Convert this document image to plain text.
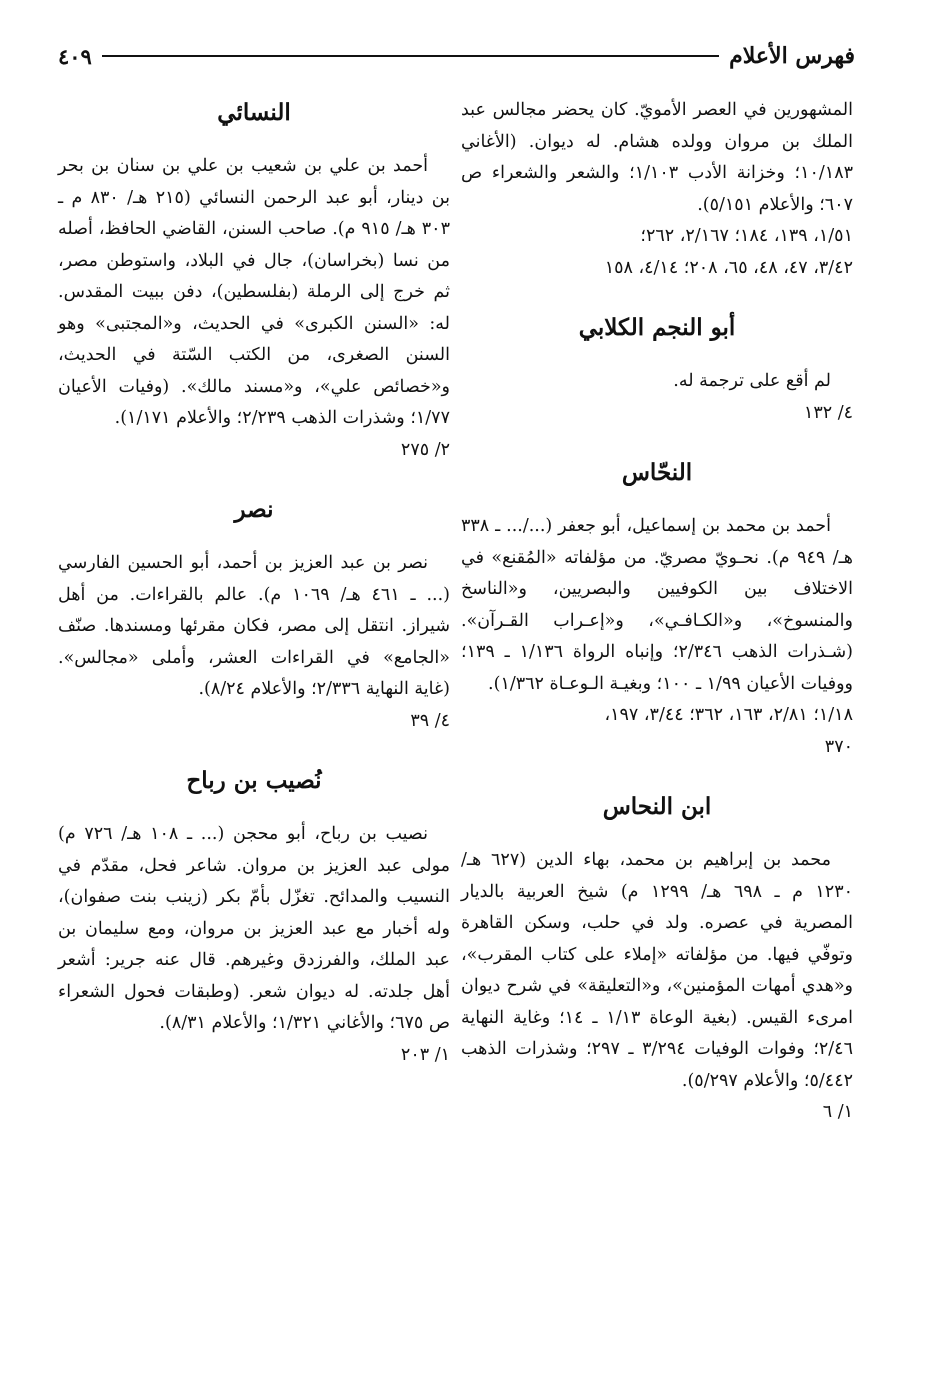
فهرس الأعلام
٤٠٩

المشهورين في العصر الأمويّ. كان يحضر مجالس عبد الملك بن مروان وولده هشام. له ديوان. (الأغاني ١٠/١٨٣؛ وخزانة الأدب ١/١٠٣؛ والشعر والشعراء ص ٦٠٧؛ والأعلام ٥/١٥١).

١/٥١، ١٣٩، ١٨٤؛ ٢/١٦٧، ٢٦٢؛

٣/٤٢، ٤٧، ٤٨، ٦٥، ٢٠٨؛ ٤/١٤، ١٥٨

أبو النجم الكلابي

لم أقع على ترجمة له.

٤/ ١٣٢

النحّاس

أحمد بن محمد بن إسماعيل، أبو جعفر (.../... ـ ٣٣٨ هـ/ ٩٤٩ م). نحـويّ مصريّ. من مؤلفاته «المُقنع» في الاختلاف بين الكوفيين والبصريين، و«الناسخ والمنسوخ»، و«الكـافـي»، و«إعـراب القـرآن». (شـذرات الذهب ٢/٣٤٦؛ وإنباه الرواة ١/١٣٦ ـ ١٣٩؛ ووفيات الأعيان ١/٩٩ ـ ١٠٠؛ وبغيـة الـوعـاة ١/٣٦٢).

١/١٨؛ ٢/٨١، ١٦٣، ٣٦٢؛ ٣/٤٤، ١٩٧،

٣٧٠

ابن النحاس

محمد بن إبراهيم بن محمد، بهاء الدين (٦٢٧ هـ/ ١٢٣٠ م ـ ٦٩٨ هـ/ ١٢٩٩ م) شيخ العربية بالديار المصرية في عصره. ولد في حلب، وسكن القاهرة وتوفّي فيها. من مؤلفاته «إملاء على كتاب المقرب»، و«هدي أمهات المؤمنين»، و«التعليقة» في شرح ديوان امرىء القيس. (بغية الوعاة ١/١٣ ـ ١٤؛ وغاية النهاية ٢/٤٦؛ وفوات الوفيات ٣/٢٩٤ ـ ٢٩٧؛ وشذرات الذهب ٥/٤٤٢؛ والأعلام ٥/٢٩٧).

١/ ٦

النسائي

أحمد بن علي بن شعيب بن علي بن سنان بن بحر بن دينار، أبو عبد الرحمن النسائي (٢١٥ هـ/ ٨٣٠ م ـ ٣٠٣ هـ/ ٩١٥ م). صاحب السنن، القاضي الحافظ، أصله من نسا (بخراسان)، جال في البلاد، واستوطن مصر، ثم خرج إلى الرملة (بفلسطين)، دفن ببيت المقدس. له: «السنن الكبرى» في الحديث، و«المجتبى» وهو السنن الصغرى، من الكتب السّتة في الحديث، و«خصائص علي»، و«مسند مالك». (وفيات الأعيان ١/٧٧؛ وشذرات الذهب ٢/٢٣٩؛ والأعلام ١/١٧١).

٢/ ٢٧٥

نصر

نصر بن عبد العزيز بن أحمد، أبو الحسين الفارسي (... ـ ٤٦١ هـ/ ١٠٦٩ م). عالم بالقراءات. من أهل شيراز. انتقل إلى مصر، فكان مقرئها ومسندها. صنّف «الجامع» في القراءات العشر، وأملى «مجالس». (غاية النهاية ٢/٣٣٦؛ والأعلام ٨/٢٤).

٤/ ٣٩

نُصيب بن رباح

نصيب بن رباح، أبو محجن (... ـ ١٠٨ هـ/ ٧٢٦ م) مولى عبد العزيز بن مروان. شاعر فحل، مقدّم في النسيب والمدائح. تغزّل بأمّ بكر (زينب بنت صفوان)، وله أخبار مع عبد العزيز بن مروان، ومع سليمان بن عبد الملك، والفرزدق وغيرهم. قال عنه جرير: أشعر أهل جلدته. له ديوان شعر. (وطبقات فحول الشعراء ص ٦٧٥؛ والأغاني ١/٣٢١؛ والأعلام ٨/٣١).

١/ ٢٠٣
